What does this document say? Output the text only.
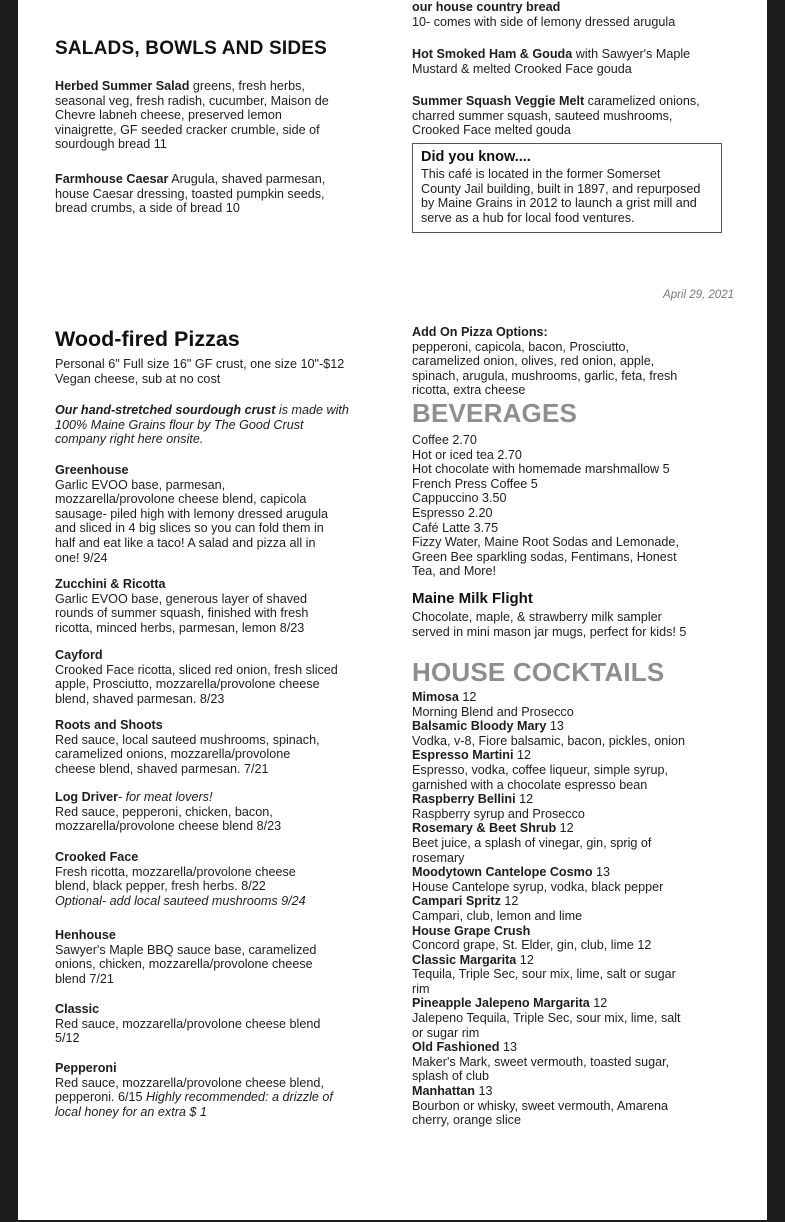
SALADS, BOWLS AND SIDES

Herbed Summer Salad greens, fresh herbs,

seasonal veg, fresh radish, cucumber, Maison de

Chevre labneh cheese, preserved lemon

vinaigrette, GF seeded cracker crumble, side of

sourdough bread 11

Farmhouse Caesar Arugula, shaved parmesan,

house Caesar dressing, toasted pumpkin seeds,

bread crumbs, a side of bread 10

Wood-fired Pizzas

Personal 6" Full size 16" GF crust, one size 10"-$12

Vegan cheese, sub at no cost

Our hand-stretched sourdough crust is made with

100% Maine Grains flour by The Good Crust

company right here onsite.

Greenhouse

Garlic EVOO base, parmesan,

mozzarella/provolone cheese blend, capicola

sausage- piled high with lemony dressed arugula

and sliced in 4 big slices so you can fold them in

half and eat like a taco! A salad and pizza all in

one! 9/24

Zucchini & Ricotta

Garlic EVOO base, generous layer of shaved

rounds of summer squash, finished with fresh

ricotta, minced herbs, parmesan, lemon 8/23

Cayford

Crooked Face ricotta, sliced red onion, fresh sliced

apple, Prosciutto, mozzarella/provolone cheese

blend, shaved parmesan. 8/23

Roots and Shoots

Red sauce, local sauteed mushrooms, spinach,

caramelized onions, mozzarella/provolone

cheese blend, shaved parmesan. 7/21

Log Driver- for meat lovers!

Red sauce, pepperoni, chicken, bacon,

mozzarella/provolone cheese blend 8/23

Crooked Face

Fresh ricotta, mozzarella/provolone cheese

blend, black pepper, fresh herbs. 8/22

Optional- add local sauteed mushrooms 9/24

Henhouse

Sawyer's Maple BBQ sauce base, caramelized

onions, chicken, mozzarella/provolone cheese

blend 7/21

Classic

Red sauce, mozzarella/provolone cheese blend

5/12

Pepperoni

Red sauce, mozzarella/provolone cheese blend,

pepperoni. 6/15 Highly recommended: a drizzle of

local honey for an extra $ 1

our house country bread

10- comes with side of lemony dressed arugula

Hot Smoked Ham & Gouda with Sawyer's Maple

Mustard & melted Crooked Face gouda

Summer Squash Veggie Melt caramelized onions,

charred summer squash, sauteed mushrooms,

Crooked Face melted gouda

Add On Pizza Options:

pepperoni, capicola, bacon, Prosciutto,

caramelized onion, olives, red onion, apple,

spinach, arugula, mushrooms, garlic, feta, fresh

ricotta, extra cheese

BEVERAGES

Coffee 2.70

Hot or iced tea 2.70

Hot chocolate with homemade marshmallow 5

French Press Coffee 5

Cappuccino 3.50

Espresso 2.20

Café Latte 3.75

Fizzy Water, Maine Root Sodas and Lemonade,

Green Bee sparkling sodas, Fentimans, Honest

Tea, and More!

Maine Milk Flight

Chocolate, maple, & strawberry milk sampler

served in mini mason jar mugs, perfect for kids! 5

HOUSE COCKTAILS

Mimosa 12

Morning Blend and Prosecco

Balsamic Bloody Mary 13

Vodka, v-8, Fiore balsamic, bacon, pickles, onion

Espresso Martini 12

Espresso, vodka, coffee liqueur, simple syrup,

garnished with a chocolate espresso bean

Raspberry Bellini 12

Raspberry syrup and Prosecco

Rosemary & Beet Shrub 12

Beet juice, a splash of vinegar, gin, sprig of

rosemary

Moodytown Cantelope Cosmo 13

House Cantelope syrup, vodka, black pepper

Campari Spritz 12

Campari, club, lemon and lime

House Grape Crush

Concord grape, St. Elder, gin, club, lime 12

Classic Margarita 12

Tequila, Triple Sec, sour mix, lime, salt or sugar

rim

Pineapple Jalepeno Margarita 12

Jalepeno Tequila, Triple Sec, sour mix, lime, salt

or sugar rim

Old Fashioned 13

Maker's Mark, sweet vermouth, toasted sugar,

splash of club

Manhattan 13

Bourbon or whisky, sweet vermouth, Amarena

cherry, orange slice

Did you know....

This café is located in the former Somerset

County Jail building, built in 1897, and repurposed

by Maine Grains in 2012 to launch a grist mill and

serve as a hub for local food ventures.

April 29, 2021
